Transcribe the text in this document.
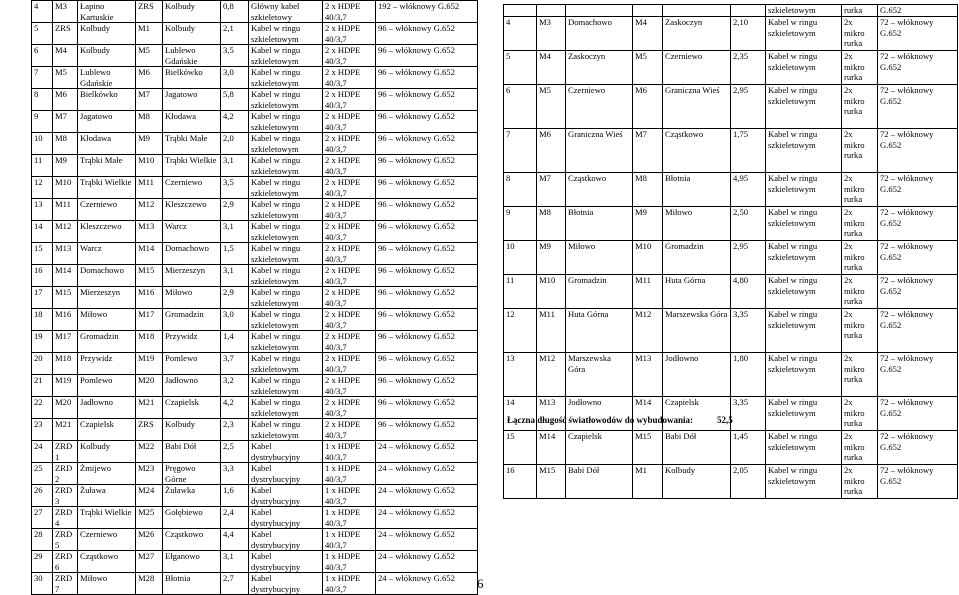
4	M3	Łapino Kartuskie	ZRS	Kolbudy	0,8	Główny kabel szkieletowy	2 x HDPE 40/3,7	192 – włóknowy G.652
5	ZRS	Kolbudy	M1	Kolbudy	2,1	Kabel w ringu szkieletowym	2 x HDPE 40/3,7	96 – włóknowy G.652
6	M4	Kolbudy	M5	Lublewo Gdańskie	3,5	Kabel w ringu szkieletowym	2 x HDPE 40/3,7	96 – włóknowy G.652
7	M5	Lublewo Gdańskie	M6	Bielkówko	3,0	Kabel w ringu szkieletowym	2 x HDPE 40/3,7	96 – włóknowy G.652
8	M6	Bielkówko	M7	Jagatowo	5,8	Kabel w ringu szkieletowym	2 x HDPE 40/3,7	96 – włóknowy G.652
9	M7	Jagatowo	M8	Kłodawa	4,2	Kabel w ringu szkieletowym	2 x HDPE 40/3,7	96 – włóknowy G.652
10	M8	Kłodawa	M9	Trąbki Małe	2,0	Kabel w ringu szkieletowym	2 x HDPE 40/3,7	96 – włóknowy G.652
11	M9	Trąbki Małe	M10	Trąbki Wielkie	3,1	Kabel w ringu szkieletowym	2 x HDPE 40/3,7	96 – włóknowy G.652
12	M10	Trąbki Wielkie	M11	Czerniewo	3,5	Kabel w ringu szkieletowym	2 x HDPE 40/3,7	96 – włóknowy G.652
13	M11	Czerniewo	M12	Kleszczewo	2,9	Kabel w ringu szkieletowym	2 x HDPE 40/3,7	96 – włóknowy G.652
14	M12	Kleszczewo	M13	Warcz	3,1	Kabel w ringu szkieletowym	2 x HDPE 40/3,7	96 – włóknowy G.652
15	M13	Warcz	M14	Domachowo	1,5	Kabel w ringu szkieletowym	2 x HDPE 40/3,7	96 – włóknowy G.652
16	M14	Domachowo	M15	Mierzeszyn	3,1	Kabel w ringu szkieletowym	2 x HDPE 40/3,7	96 – włóknowy G.652
17	M15	Mierzeszyn	M16	Miłowo	2,9	Kabel w ringu szkieletowym	2 x HDPE 40/3,7	96 – włóknowy G.652
18	M16	Miłowo	M17	Gromadzin	3,0	Kabel w ringu szkieletowym	2 x HDPE 40/3,7	96 – włóknowy G.652
19	M17	Gromadzin	M18	Przywidz	1,4	Kabel w ringu szkieletowym	2 x HDPE 40/3,7	96 – włóknowy G.652
20	M18	Przywidz	M19	Pomlewo	3,7	Kabel w ringu szkieletowym	2 x HDPE 40/3,7	96 – włóknowy G.652
21	M19	Pomlewo	M20	Jadłowno	3,2	Kabel w ringu szkieletowym	2 x HDPE 40/3,7	96 – włóknowy G.652
22	M20	Jadłowno	M21	Czapielsk	4,2	Kabel w ringu szkieletowym	2 x HDPE 40/3,7	96 – włóknowy G.652
23	M21	Czapielsk	ZRS	Kolbudy	2,3	Kabel w ringu szkieletowym	2 x HDPE 40/3,7	96 – włóknowy G.652
24	ZRD1	Kolbudy	M22	Babi Dół	2,5	Kabel dystrybucyjny	1 x HDPE 40/3,7	24 – włóknowy G.652
25	ZRD2	Żmijewo	M23	Pręgowo Górne	3,3	Kabel dystrybucyjny	1 x HDPE 40/3,7	24 – włóknowy G.652
26	ZRD3	Żuława	M24	Żuławka	1,6	Kabel dystrybucyjny	1 x HDPE 40/3,7	24 – włóknowy G.652
27	ZRD4	Trąbki Wielkie	M25	Gołębiewo	2,4	Kabel dystrybucyjny	1 x HDPE 40/3,7	24 – włóknowy G.652
28	ZRD5	Czerniewo	M26	Cząstkowo	4,4	Kabel dystrybucyjny	1 x HDPE 40/3,7	24 – włóknowy G.652
29	ZRD6	Cząstkowo	M27	Ełganowo	3,1	Kabel dystrybucyjny	1 x HDPE 40/3,7	24 – włóknowy G.652
30	ZRD7	Miłowo	M28	Błotnia	2,7	Kabel dystrybucyjny	1 x HDPE 40/3,7	24 – włóknowy G.652
						szkieletowym	rurka	G.652
4	M3	Domachowo	M4	Zaskoczyn	2,10	Kabel w ringu szkieletowym	2x mikro rurka	72 – włóknowy G.652
5	M4	Zaskoczyn	M5	Czerniewo	2,35	Kabel w ringu szkieletowym	2x mikro rurka	72 – włóknowy G.652
6	M5	Czerniewo	M6	Graniczna Wieś	2,95	Kabel w ringu szkieletowym	2x mikro rurka	72 – włóknowy G.652
7	M6	Graniczna Wieś	M7	Cząstkowo	1,75	Kabel w ringu szkieletowym	2x mikro rurka	72 – włóknowy G.652
8	M7	Cząstkowo	M8	Błotnia	4,95	Kabel w ringu szkieletowym	2x mikro rurka	72 – włóknowy G.652
9	M8	Błotnia	M9	Miłowo	2,50	Kabel w ringu szkieletowym	2x mikro rurka	72 – włóknowy G.652
10	M9	Miłowo	M10	Gromadzin	2,95	Kabel w ringu szkieletowym	2x mikro rurka	72 – włóknowy G.652
11	M10	Gromadzin	M11	Huta Górna	4,80	Kabel w ringu szkieletowym	2x mikro rurka	72 – włóknowy G.652
12	M11	Huta Górna	M12	Marszewska Góra	3,35	Kabel w ringu szkieletowym	2x mikro rurka	72 – włóknowy G.652
13	M12	Marszewska Góra	M13	Jodłowno	1,80	Kabel w ringu szkieletowym	2x mikro rurka	72 – włóknowy G.652
14	M13	Jodłowno	M14	Czapielsk	3,35	Kabel w ringu szkieletowym	2x mikro rurka	72 – włóknowy G.652
15	M14	Czapielsk	M15	Babi Dół	1,45	Kabel w ringu szkieletowym	2x mikro rurka	72 – włóknowy G.652
16	M15	Babi Dół	M1	Kolbudy	2,05	Kabel w ringu szkieletowym	2x mikro rurka	72 – włóknowy G.652
Łączna długość światłowodów do wybudowania:	52,5
6
